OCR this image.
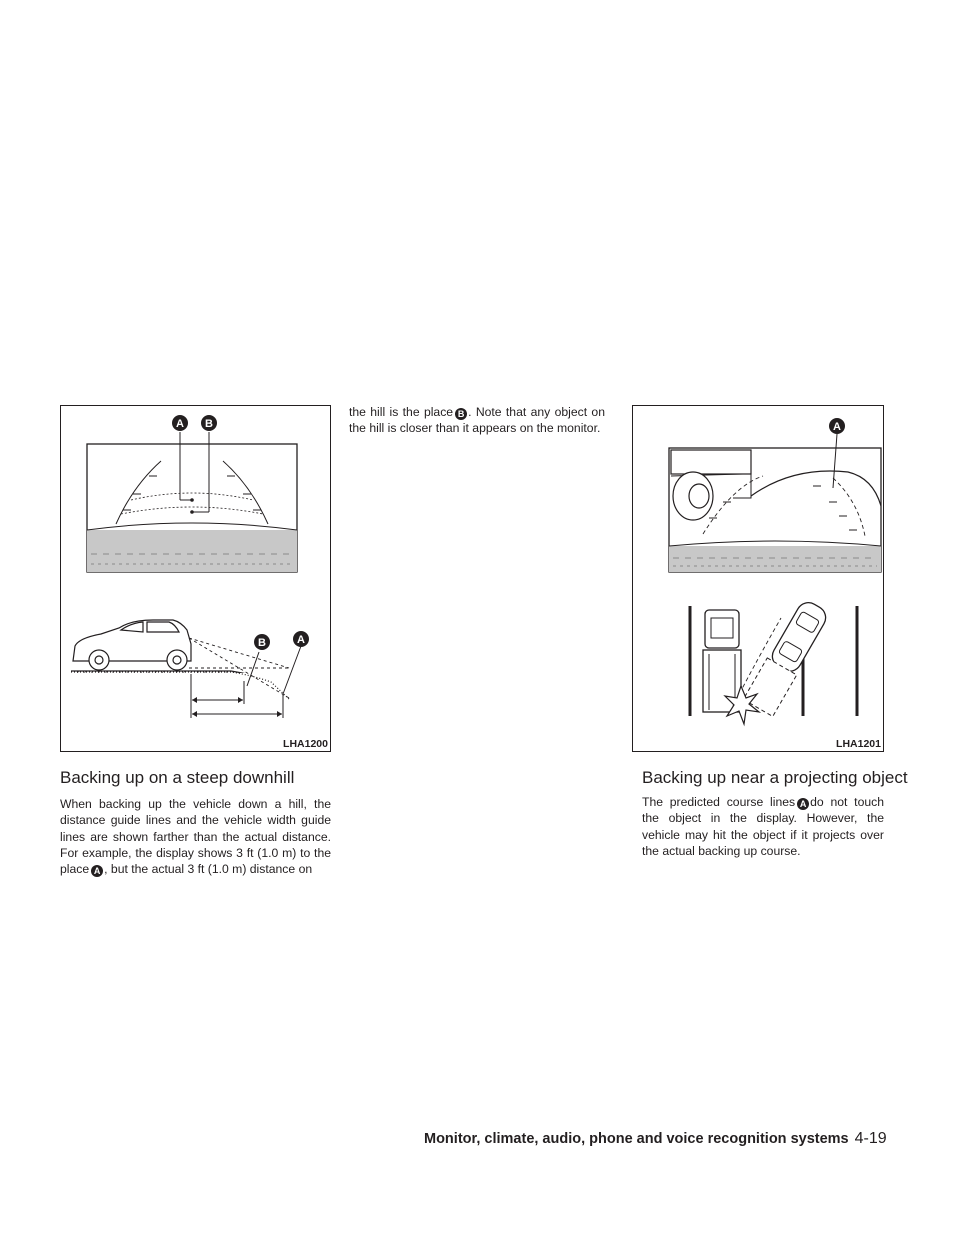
A B
B	A
LHA1200
Backing up on a steep downhill

When backing up the vehicle down a hill, the distance guide lines and the vehicle width guide lines are shown farther than the actual distance. For example, the display shows 3 ft (1.0 m) to the place A , but the actual 3 ft (1.0 m) distance on

the hill is the place B . Note that any object on the hill is closer than it appears on the monitor.	A
LHA1201
Backing up near a projecting object

The predicted course lines A do not touch the object in the display. However, the vehicle may hit the object if it projects over the actual backing up course.

Monitor, climate, audio, phone and voice recognition systems 4-19
